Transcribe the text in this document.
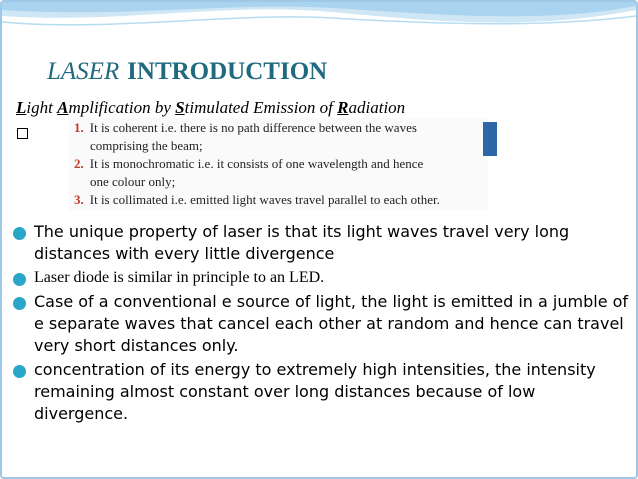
LASER INTRODUCTION
Light Amplification by Stimulated Emission of Radiation
1. It is coherent i.e. there is no path difference between the waves
comprising the beam;
2. It is monochromatic i.e. it consists of one wavelength and hence
one colour only;
3. It is collimated i.e. emitted light waves travel parallel to each other.

The unique property of laser is that its light waves travel very long distances with every little divergence

Laser diode is similar in principle to an LED.

Case of a conventional e source of light, the light is emitted in a jumble of e separate waves that cancel each other at random and hence can travel very short distances only.

concentration of its energy to extremely high intensities, the intensity remaining almost constant over long distances because of low divergence.
